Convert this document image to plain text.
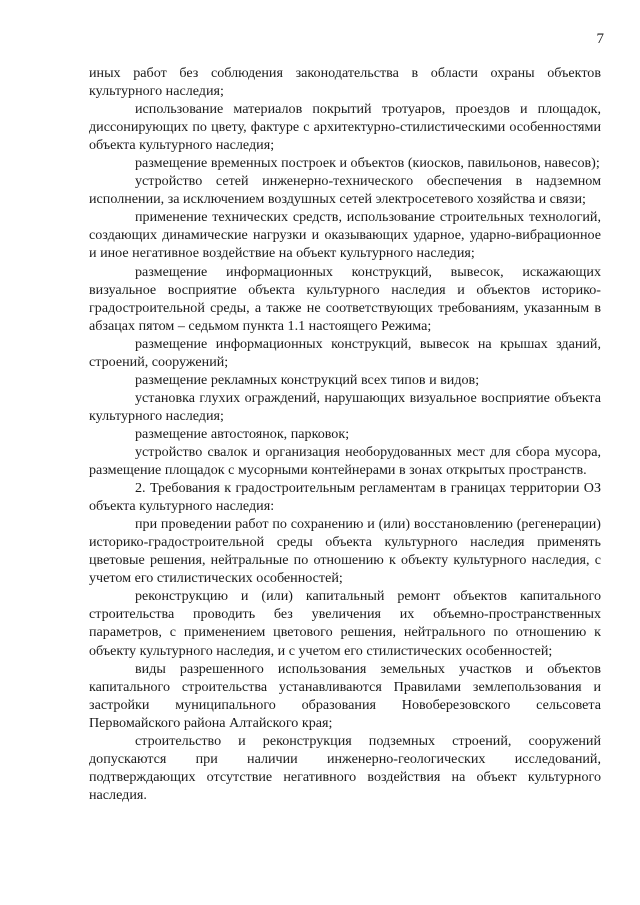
7

иных работ без соблюдения законодательства в области охраны объектов культурного наследия;

использование материалов покрытий тротуаров, проездов и площадок, диссонирующих по цвету, фактуре с архитектурно-стилистическими особенностями объекта культурного наследия;

размещение временных построек и объектов (киосков, павильонов, навесов);

устройство сетей инженерно-технического обеспечения в надземном исполнении, за исключением воздушных сетей электросетевого хозяйства и связи;

применение технических средств, использование строительных технологий, создающих динамические нагрузки и оказывающих ударное, ударно-вибрационное и иное негативное воздействие на объект культурного наследия;

размещение информационных конструкций, вывесок, искажающих визуальное восприятие объекта культурного наследия и объектов историко-градостроительной среды, а также не соответствующих требованиям, указанным в абзацах пятом – седьмом пункта 1.1 настоящего Режима;

размещение информационных конструкций, вывесок на крышах зданий, строений, сооружений;

размещение рекламных конструкций всех типов и видов;

установка глухих ограждений, нарушающих визуальное восприятие объекта культурного наследия;

размещение автостоянок, парковок;

устройство свалок и организация необорудованных мест для сбора мусора, размещение площадок с мусорными контейнерами в зонах открытых пространств.

2. Требования к градостроительным регламентам в границах территории ОЗ объекта культурного наследия:

при проведении работ по сохранению и (или) восстановлению (регенерации) историко-градостроительной среды объекта культурного наследия применять цветовые решения, нейтральные по отношению к объекту культурного наследия, с учетом его стилистических особенностей;

реконструкцию и (или) капитальный ремонт объектов капитального строительства проводить без увеличения их объемно-пространственных параметров, с применением цветового решения, нейтрального по отношению к объекту культурного наследия, и с учетом его стилистических особенностей;

виды разрешенного использования земельных участков и объектов капитального строительства устанавливаются Правилами землепользования и застройки муниципального образования Новоберезовского сельсовета Первомайского района Алтайского края;

строительство и реконструкция подземных строений, сооружений допускаются при наличии инженерно-геологических исследований, подтверждающих отсутствие негативного воздействия на объект культурного наследия.
